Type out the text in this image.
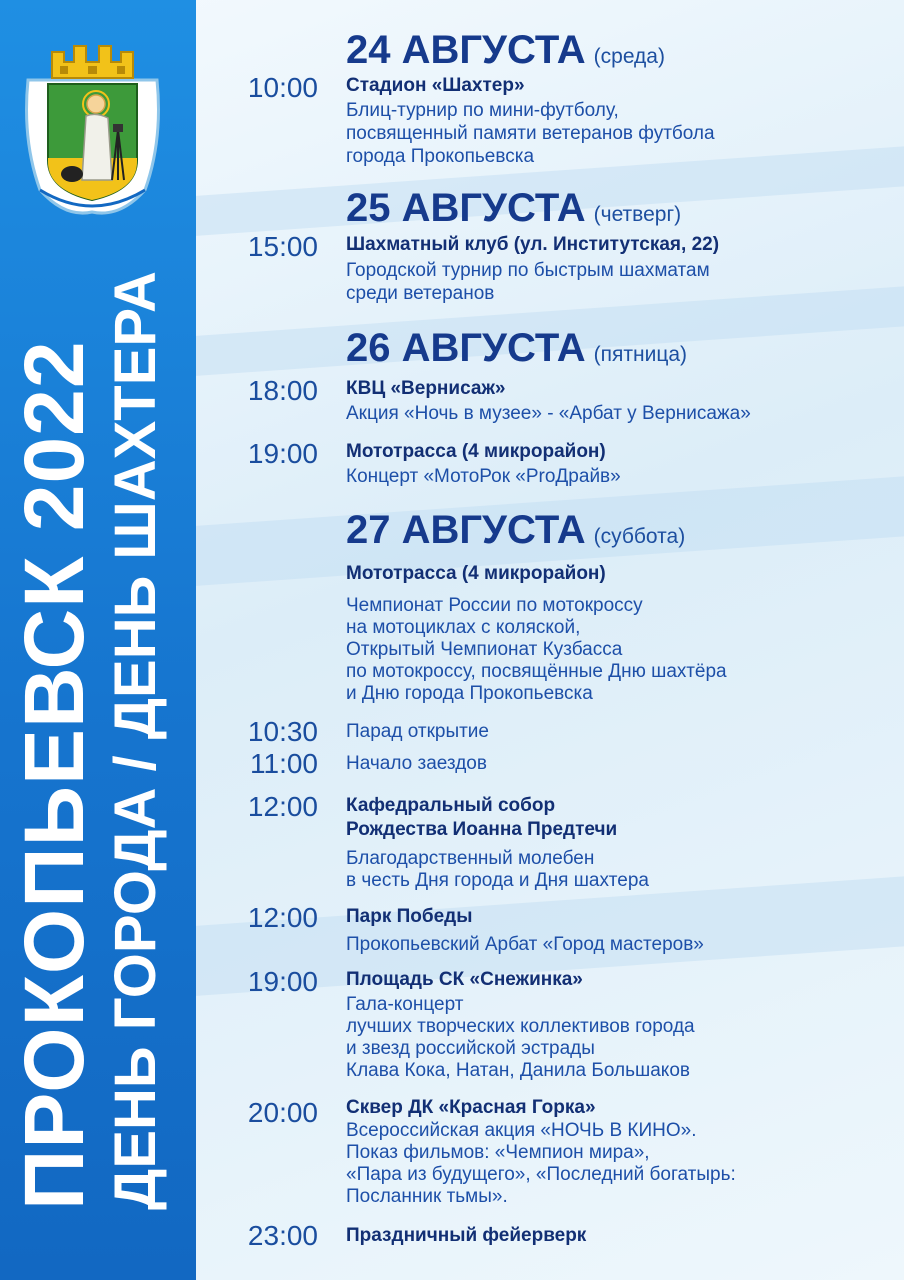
ПРОКОПЬЕВСК 2022 ДЕНЬ ГОРОДА / ДЕНЬ ШАХТЕРА
24 АВГУСТА (среда)
10:00 Стадион «Шахтер»
Блиц-турнир по мини-футболу,
посвященный памяти ветеранов футбола
города Прокопьевска
25 АВГУСТА (четверг)
15:00 Шахматный клуб (ул. Институтская, 22)
Городской турнир по быстрым шахматам
среди ветеранов
26 АВГУСТА (пятница)
18:00 КВЦ «Вернисаж»
Акция «Ночь в музее» - «Арбат у Вернисажа»
19:00 Мототрасса (4 микрорайон)
Концерт «МотоРок «ProДрайв»
27 АВГУСТА (суббота)
Мототрасса (4 микрорайон)
Чемпионат России по мотокроссу
на мотоциклах с коляской,
Открытый Чемпионат Кузбасса
по мотокроссу, посвящённые Дню шахтёра
и Дню города Прокопьевска
10:30 Парад открытие
11:00 Начало заездов
12:00 Кафедральный собор
Рождества Иоанна Предтечи
Благодарственный молебен
в честь Дня города и Дня шахтера
12:00 Парк Победы
Прокопьевский Арбат «Город мастеров»
19:00 Площадь СК «Снежинка»
Гала-концерт
лучших творческих коллективов города
и звезд российской эстрады
Клава Кока, Натан, Данила Большаков
20:00 Сквер ДК «Красная Горка»
Всероссийская акция «НОЧЬ В КИНО».
Показ фильмов: «Чемпион мира»,
«Пара из будущего», «Последний богатырь:
Посланник тьмы».
23:00 Праздничный фейерверк
